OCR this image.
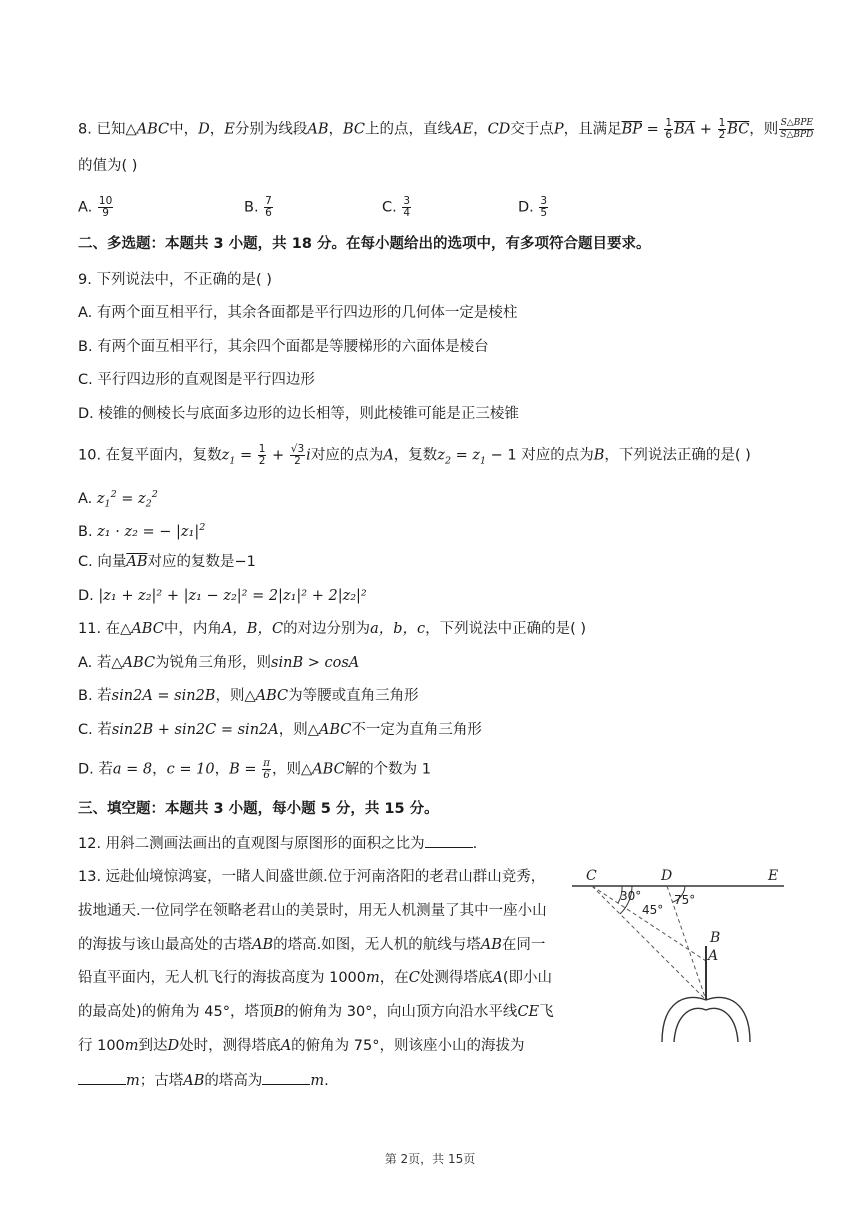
8. 已知△ABC中，D，E分别为线段AB，BC上的点，直线AE，CD交于点P，且满足$\overline{BP} = \frac{1}{6} \overline{BA} + \frac{1}{2} \overline{BC}$，则 $\frac{\text{S△BPE}}{\text{S△BPD}}$
的值为( )
A. $\frac{10}{9}$	B. $\frac{7}{6}$	C. $\frac{3}{4}$	D. $\frac{3}{5}$
二、多选题：本题共 3 小题，共 18 分。在每小题给出的选项中，有多项符合题目要求。
9. 下列说法中，不正确的是( )
A. 有两个面互相平行，其余各面都是平行四边形的几何体一定是棱柱
B. 有两个面互相平行，其余四个面都是等腰梯形的六面体是棱台
C. 平行四边形的直观图是平行四边形
D. 棱锥的侧棱长与底面多边形的边长相等，则此棱锥可能是正三棱锥
10. 在复平面内，复数$z_1 = \frac{1}{2} + \frac{√3}{2}$ i对应的点为A，复数$z_2 = z_1 - 1$ 对应的点为B，下列说法正确的是( )
A. $z_1^2 = z_2^2$
B. z₁ · z₂ = − $|z_1|^2$
C. 向量$\overline{AB}$对应的复数是−1
D. |z₁ + z₂|² + |z₁ − z₂|² = 2|z₁|² + 2|z₂|²
11. 在△ABC中，内角A，B，C的对边分别为a，b，c，下列说法中正确的是( )
A. 若△ABC为锐角三角形，则sinB > cosA
B. 若sin2A = sin2B，则△ABC为等腰或直角三角形
C. 若sin2B + sin2C = sin2A，则△ABC不一定为直角三角形
D. 若a = 8，c = 10，$B = \frac{\pi}{6}$ ，则△ABC解的个数为 1
三、填空题：本题共 3 小题，每小题 5 分，共 15 分。
12. 用斜二测画法画出的直观图与原图形的面积之比为	.
13. 远赴仙境惊鸿宴，一睹人间盛世颜.位于河南洛阳的老君山群山竞秀，
拔地通天.一位同学在领略老君山的美景时，用无人机测量了其中一座小山
的海拔与该山最高处的古塔AB的塔高.如图，无人机的航线与塔AB在同一
铅直平面内，无人机飞行的海拔高度为 1000m，在C处测得塔底A(即小山
的最高处)的俯角为 45°，塔顶B的俯角为 30°，向山顶方向沿水平线CE飞
行 100m到达D处时，测得塔底A的俯角为 75°，则该座小山的海拔为
m；古塔AB的塔高为	m.
C	D	E
B
A
30°
45°
75°
第 2页，共 15页
